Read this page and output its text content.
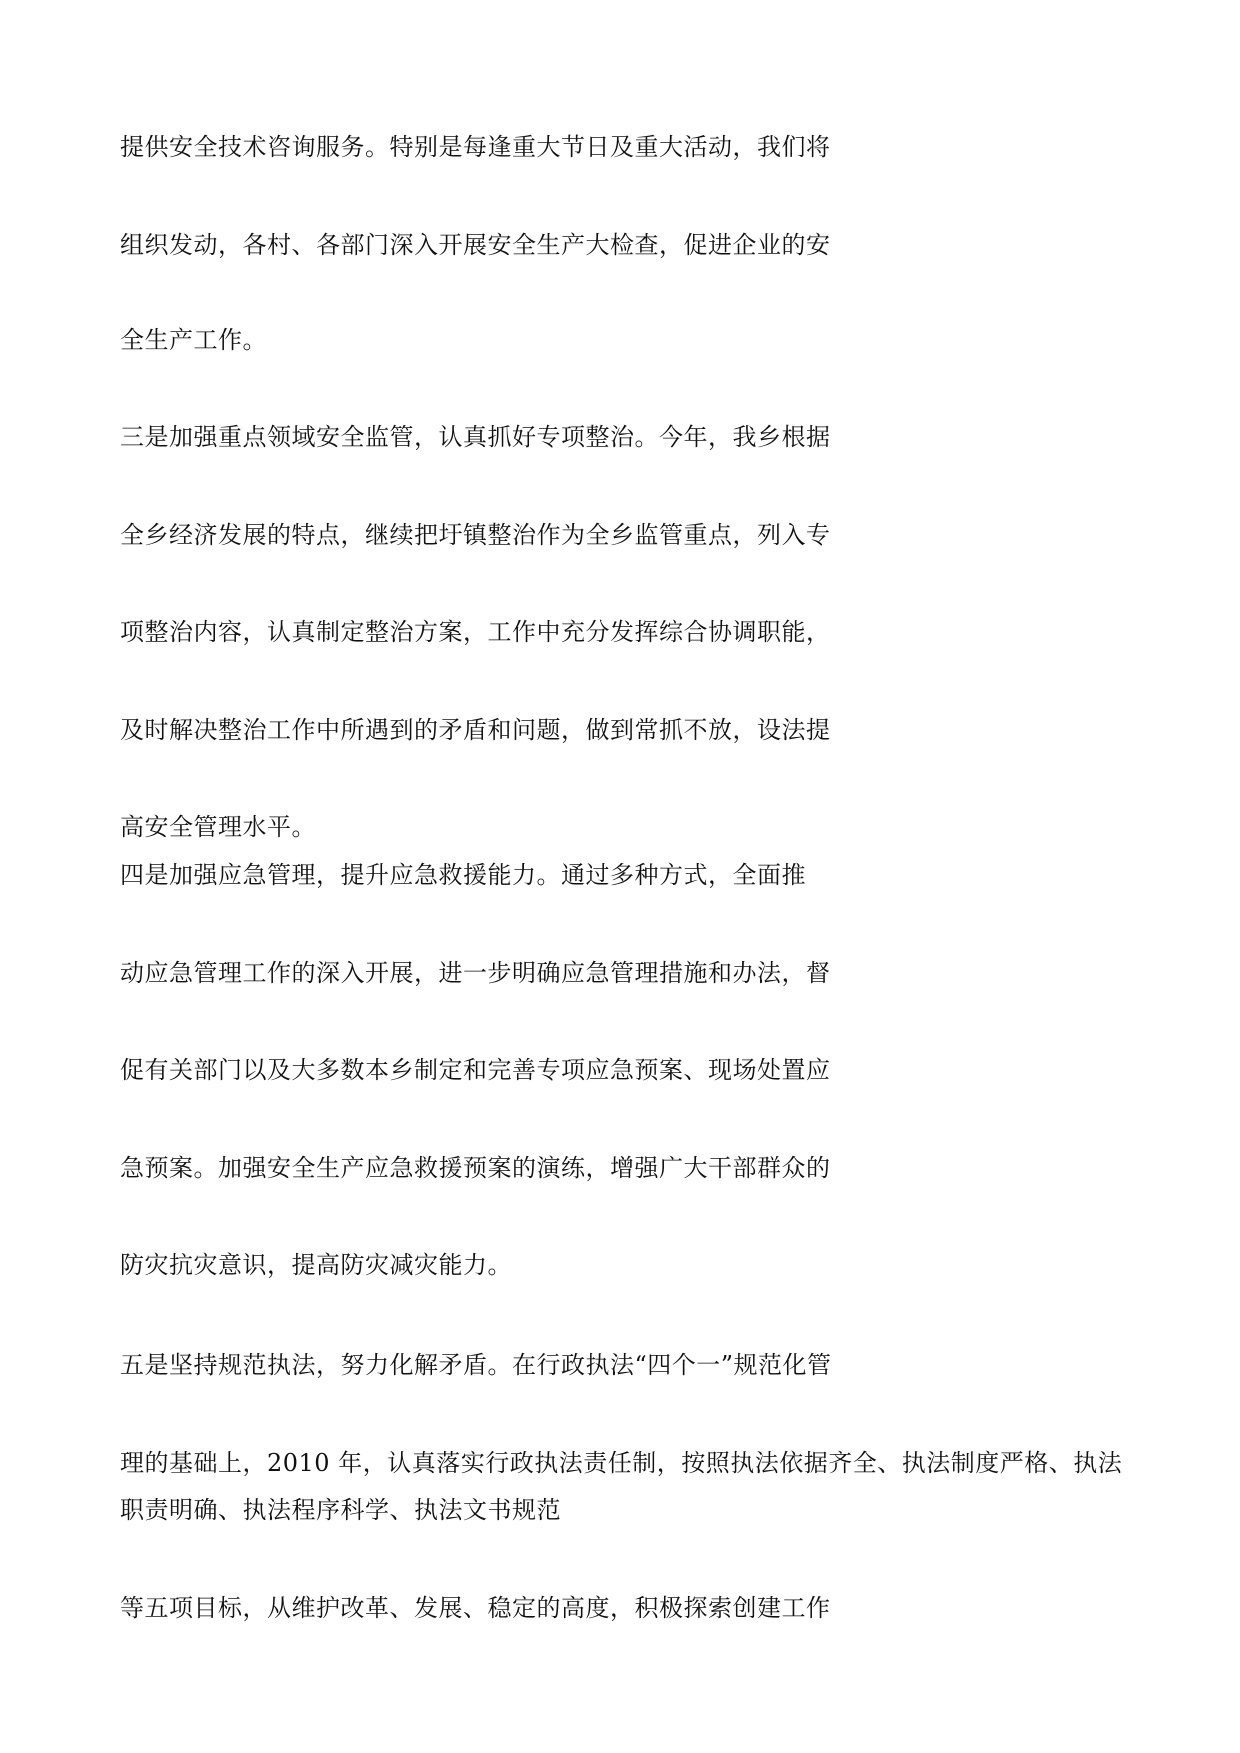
提供安全技术咨询服务。特别是每逢重大节日及重大活动，我们将
组织发动，各村、各部门深入开展安全生产大检查，促进企业的安
全生产工作。
三是加强重点领域安全监管，认真抓好专项整治。今年，我乡根据
全乡经济发展的特点，继续把圩镇整治作为全乡监管重点，列入专
项整治内容，认真制定整治方案，工作中充分发挥综合协调职能，
及时解决整治工作中所遇到的矛盾和问题，做到常抓不放，设法提
高安全管理水平。
四是加强应急管理，提升应急救援能力。通过多种方式，全面推
动应急管理工作的深入开展，进一步明确应急管理措施和办法，督
促有关部门以及大多数本乡制定和完善专项应急预案、现场处置应
急预案。加强安全生产应急救援预案的演练，增强广大干部群众的
防灾抗灾意识，提高防灾减灾能力。
五是坚持规范执法，努力化解矛盾。在行政执法“四个一”规范化管
理的基础上，2010 年，认真落实行政执法责任制，按照执法依据齐全、执法制度严格、执法
职责明确、执法程序科学、执法文书规范
等五项目标，从维护改革、发展、稳定的高度，积极探索创建工作
